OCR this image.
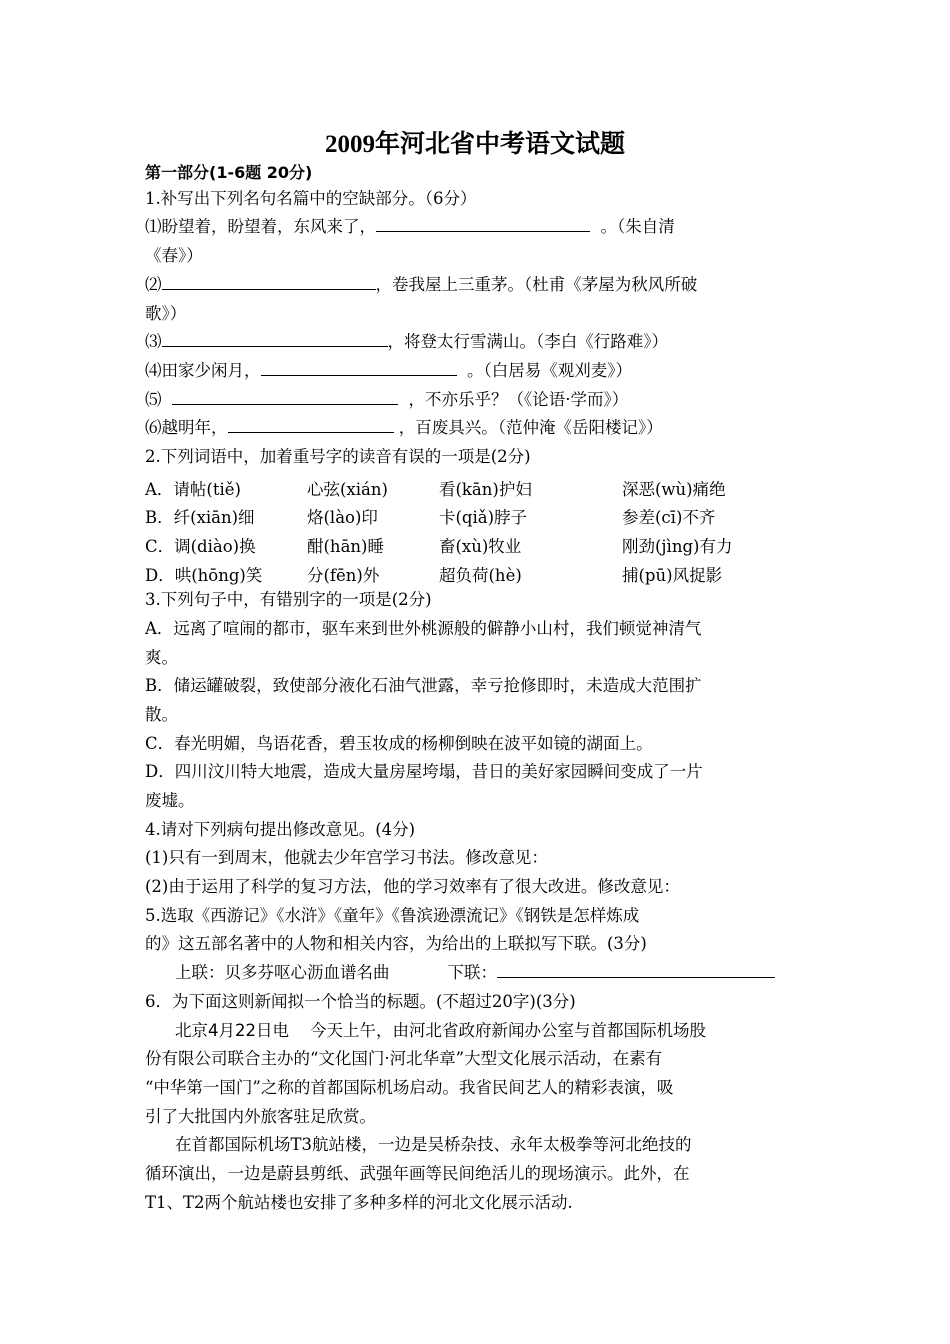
2009年河北省中考语文试题
第一部分(1-6题 20分)
1.补写出下列名句名篇中的空缺部分。（6分）
⑴盼望着，盼望着，东风来了，	。（朱自清
《春》）
⑵	，卷我屋上三重茅。（杜甫《茅屋为秋风所破
歌》）
⑶	，将登太行雪满山。（李白《行路难》）
⑷田家少闲月，	。（白居易《观刈麦》）
⑸	，不亦乐乎？（《论语·学而》）
⑹越明年，	，百废具兴。（范仲淹《岳阳楼记》）
2.下列词语中，加着重号字的读音有误的一项是(2分)
A．请帖(tiě)	心弦(xián)	看(kān)护妇	深恶(wù)痛绝
B．纤(xiān)细	烙(lào)印	卡(qiǎ)脖子	参差(cī)不齐
C．调(diào)换	酣(hān)睡	畜(xù)牧业	刚劲(jìng)有力
D．哄(hōng)笑	分(fēn)外	超负荷(hè)	捕(pū)风捉影
3.下列句子中，有错别字的一项是(2分)
A．远离了喧闹的都市，驱车来到世外桃源般的僻静小山村，我们顿觉神清气
爽。
B．储运罐破裂，致使部分液化石油气泄露，幸亏抢修即时，未造成大范围扩
散。
C．春光明媚，鸟语花香，碧玉妆成的杨柳倒映在波平如镜的湖面上。
D．四川汶川特大地震，造成大量房屋垮塌，昔日的美好家园瞬间变成了一片
废墟。
4.请对下列病句提出修改意见。(4分)
(1)只有一到周末，他就去少年宫学习书法。修改意见：
(2)由于运用了科学的复习方法，他的学习效率有了很大改进。修改意见：
5.选取《西游记》《水浒》《童年》《鲁滨逊漂流记》《钢铁是怎样炼成
的》这五部名著中的人物和相关内容，为给出的上联拟写下联。(3分)
上联：贝多芬呕心沥血谱名曲	下联：
6．为下面这则新闻拟一个恰当的标题。(不超过20字)(3分)
北京4月22日电 今天上午，由河北省政府新闻办公室与首都国际机场股
份有限公司联合主办的“文化国门·河北华章”大型文化展示活动，在素有
“中华第一国门”之称的首都国际机场启动。我省民间艺人的精彩表演，吸
引了大批国内外旅客驻足欣赏。
在首都国际机场T3航站楼，一边是吴桥杂技、永年太极拳等河北绝技的
循环演出，一边是蔚县剪纸、武强年画等民间绝活儿的现场演示。此外，在
T1、T2两个航站楼也安排了多种多样的河北文化展示活动.
